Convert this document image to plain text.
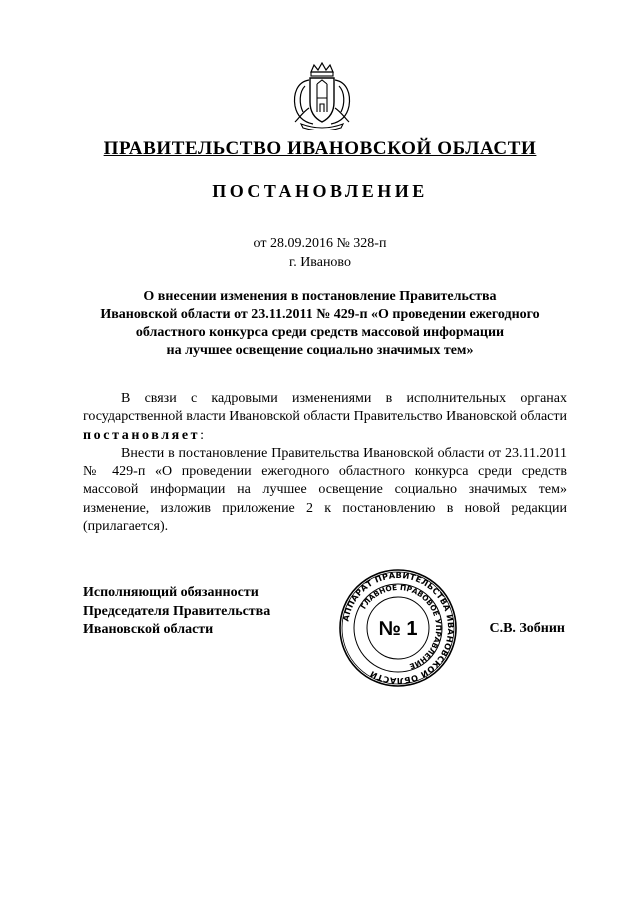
ПРАВИТЕЛЬСТВО ИВАНОВСКОЙ ОБЛАСТИ
ПОСТАНОВЛЕНИЕ
от 28.09.2016 № 328-п
г. Иваново
О внесении изменения в постановление Правительства
Ивановской области от 23.11.2011 № 429-п «О проведении ежегодного
областного конкурса среди средств массовой информации
на лучшее освещение социально значимых тем»

В связи с кадровыми изменениями в исполнительных органах государственной власти Ивановской области Правительство Ивановской области постановляет:

Внести в постановление Правительства Ивановской области от 23.11.2011 № 429-п «О проведении ежегодного областного конкурса среди средств массовой информации на лучшее освещение социально значимых тем» изменение, изложив приложение 2 к постановлению в новой редакции (прилагается).

Исполняющий обязанности
Председателя Правительства
Ивановской области
АППАРАТ ПРАВИТЕЛЬСТВА ИВАНОВСКОЙ ОБЛАСТИ
ГЛАВНОЕ ПРАВОВОЕ УПРАВЛЕНИЕ
№ 1	С.В. Зобнин
